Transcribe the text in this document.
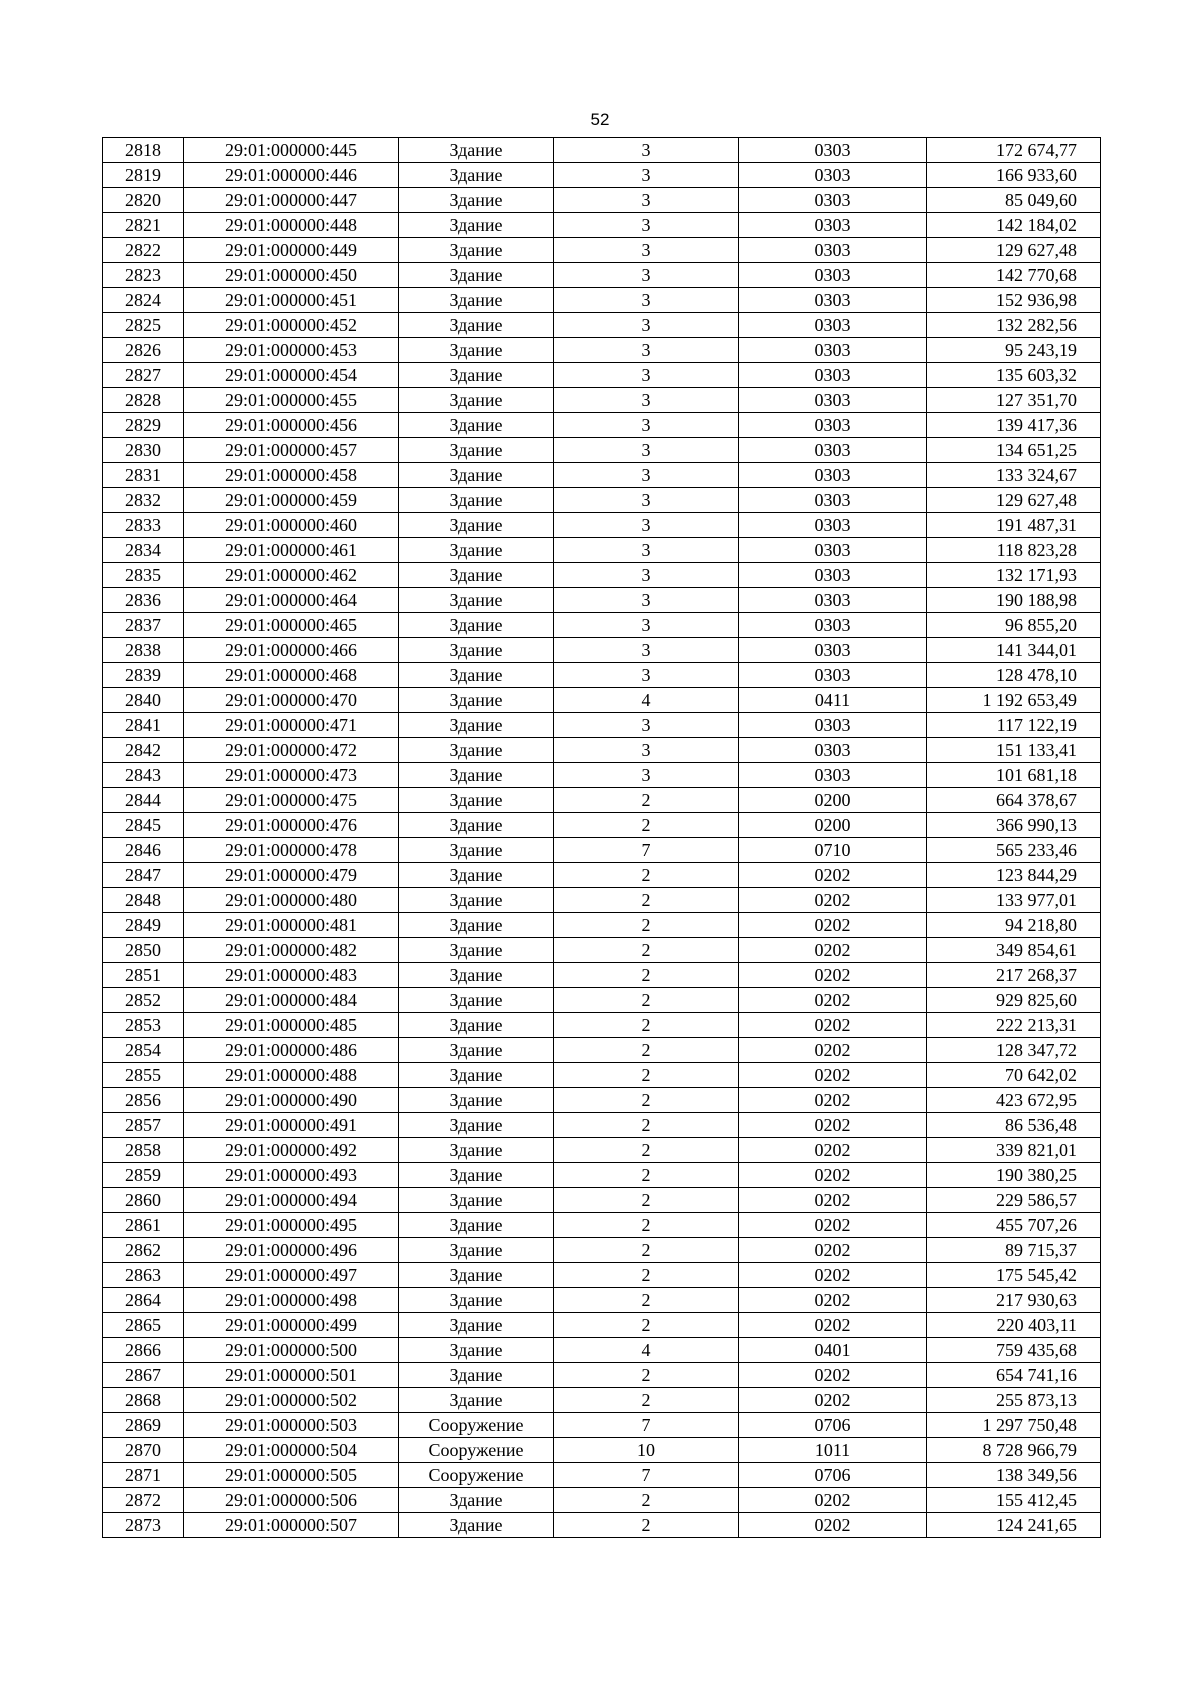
52
2818	29:01:000000:445	Здание	3	0303	172 674,77
2819	29:01:000000:446	Здание	3	0303	166 933,60
2820	29:01:000000:447	Здание	3	0303	85 049,60
2821	29:01:000000:448	Здание	3	0303	142 184,02
2822	29:01:000000:449	Здание	3	0303	129 627,48
2823	29:01:000000:450	Здание	3	0303	142 770,68
2824	29:01:000000:451	Здание	3	0303	152 936,98
2825	29:01:000000:452	Здание	3	0303	132 282,56
2826	29:01:000000:453	Здание	3	0303	95 243,19
2827	29:01:000000:454	Здание	3	0303	135 603,32
2828	29:01:000000:455	Здание	3	0303	127 351,70
2829	29:01:000000:456	Здание	3	0303	139 417,36
2830	29:01:000000:457	Здание	3	0303	134 651,25
2831	29:01:000000:458	Здание	3	0303	133 324,67
2832	29:01:000000:459	Здание	3	0303	129 627,48
2833	29:01:000000:460	Здание	3	0303	191 487,31
2834	29:01:000000:461	Здание	3	0303	118 823,28
2835	29:01:000000:462	Здание	3	0303	132 171,93
2836	29:01:000000:464	Здание	3	0303	190 188,98
2837	29:01:000000:465	Здание	3	0303	96 855,20
2838	29:01:000000:466	Здание	3	0303	141 344,01
2839	29:01:000000:468	Здание	3	0303	128 478,10
2840	29:01:000000:470	Здание	4	0411	1 192 653,49
2841	29:01:000000:471	Здание	3	0303	117 122,19
2842	29:01:000000:472	Здание	3	0303	151 133,41
2843	29:01:000000:473	Здание	3	0303	101 681,18
2844	29:01:000000:475	Здание	2	0200	664 378,67
2845	29:01:000000:476	Здание	2	0200	366 990,13
2846	29:01:000000:478	Здание	7	0710	565 233,46
2847	29:01:000000:479	Здание	2	0202	123 844,29
2848	29:01:000000:480	Здание	2	0202	133 977,01
2849	29:01:000000:481	Здание	2	0202	94 218,80
2850	29:01:000000:482	Здание	2	0202	349 854,61
2851	29:01:000000:483	Здание	2	0202	217 268,37
2852	29:01:000000:484	Здание	2	0202	929 825,60
2853	29:01:000000:485	Здание	2	0202	222 213,31
2854	29:01:000000:486	Здание	2	0202	128 347,72
2855	29:01:000000:488	Здание	2	0202	70 642,02
2856	29:01:000000:490	Здание	2	0202	423 672,95
2857	29:01:000000:491	Здание	2	0202	86 536,48
2858	29:01:000000:492	Здание	2	0202	339 821,01
2859	29:01:000000:493	Здание	2	0202	190 380,25
2860	29:01:000000:494	Здание	2	0202	229 586,57
2861	29:01:000000:495	Здание	2	0202	455 707,26
2862	29:01:000000:496	Здание	2	0202	89 715,37
2863	29:01:000000:497	Здание	2	0202	175 545,42
2864	29:01:000000:498	Здание	2	0202	217 930,63
2865	29:01:000000:499	Здание	2	0202	220 403,11
2866	29:01:000000:500	Здание	4	0401	759 435,68
2867	29:01:000000:501	Здание	2	0202	654 741,16
2868	29:01:000000:502	Здание	2	0202	255 873,13
2869	29:01:000000:503	Сооружение	7	0706	1 297 750,48
2870	29:01:000000:504	Сооружение	10	1011	8 728 966,79
2871	29:01:000000:505	Сооружение	7	0706	138 349,56
2872	29:01:000000:506	Здание	2	0202	155 412,45
2873	29:01:000000:507	Здание	2	0202	124 241,65
